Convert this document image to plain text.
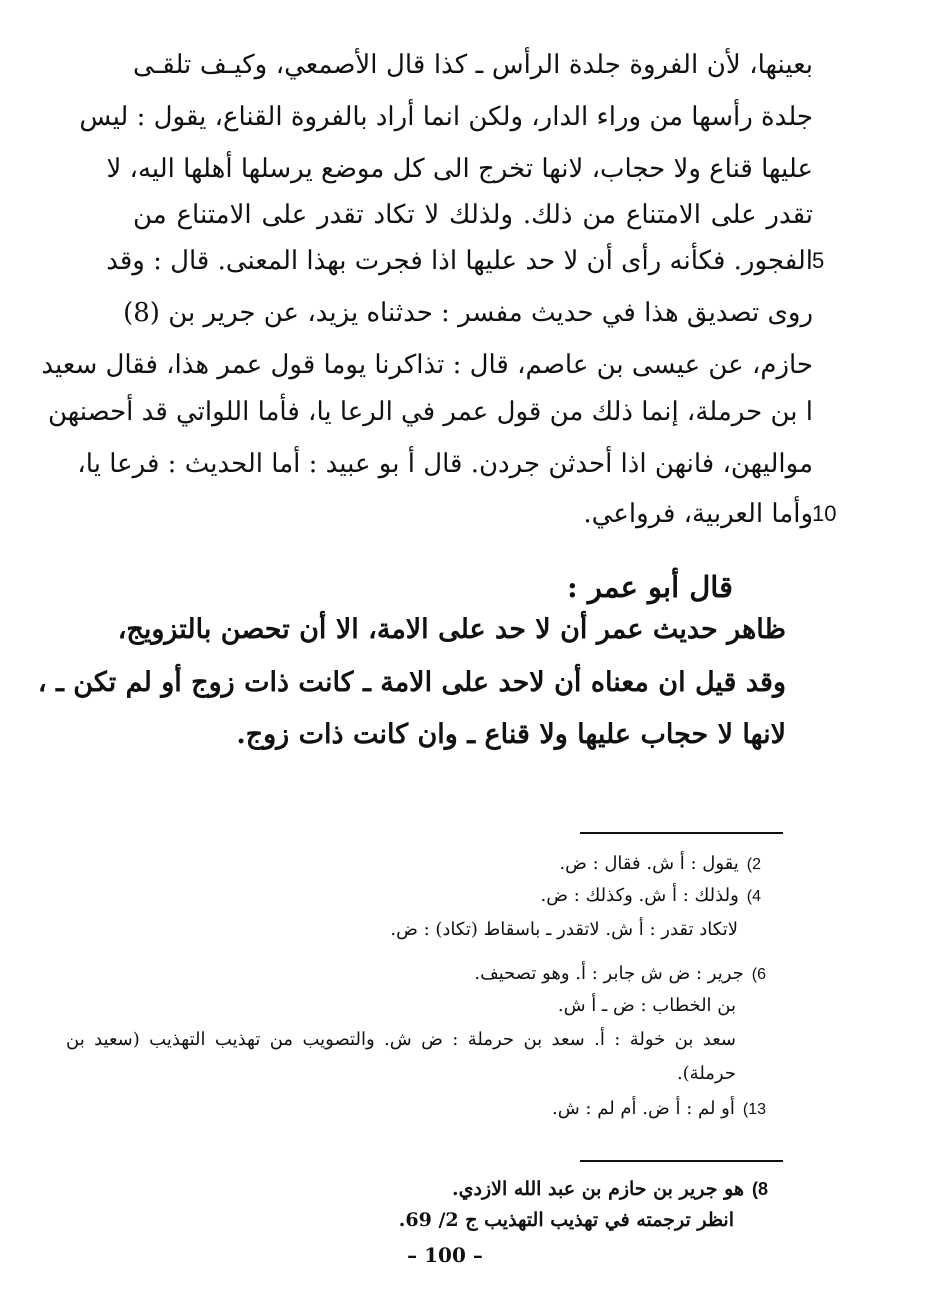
بعينها، لأن الفروة جلدة الرأس ـ كذا قال الأصمعي، وكيـف تلقـى
جلدة رأسها من وراء الدار، ولكن انما أراد بالفروة القناع، يقول : ليس
عليها قناع ولا حجاب، لانها تخرج الى كل موضع يرسلها أهلها اليه، لا
تقدر على الامتناع من ذلك. ولذلك لا تكاد تقدر على الامتناع من
الفجور. فكأنه رأى أن لا حد عليها اذا فجرت بهذا المعنى. قال : وقد
روى تصديق هذا في حديث مفسر : حدثناه يزيد، عن جرير بن (8)
حازم، عن عيسى بن عاصم، قال : تذاكرنا يوما قول عمر هذا، فقال سعيد
ا بن حرملة، إنما ذلك من قول عمر في الرعا يا، فأما اللواتي قد أحصنهن
مواليهن، فانهن اذا أحدثن جردن. قال أ بو عبيد : أما الحديث : فرعا يا،
وأما العربية، فرواعي.
5
10
قال أبو عمر :
ظاهر حديث عمر أن لا حد على الامة، الا أن تحصن بالتزويج،
وقد قيل ان معناه أن لاحد على الامة ـ كانت ذات زوج أو لم تكن ـ ،
لانها لا حجاب عليها ولا قناع ـ وان كانت ذات زوج.
2)يقول : أ ش. فقال : ض.
4)ولذلك : أ ش. وكذلك : ض.
لاتكاد تقدر : أ ش. لاتقدر ـ باسقاط (تكاد) : ض.
6)جرير : ض ش جابر : أ. وهو تصحيف.
بن الخطاب : ض ـ أ ش.
سعد بن خولة : أ. سعد بن حرملة : ض ش. والتصويب من تهذيب التهذيب (سعيد بن
حرملة).
13)أو لم : أ ض. أم لم : ش.
8)هو جرير بن حازم بن عبد الله الازدي.
انظر ترجمته في تهذيب التهذيب ج 2/ 69.
– 100 –
